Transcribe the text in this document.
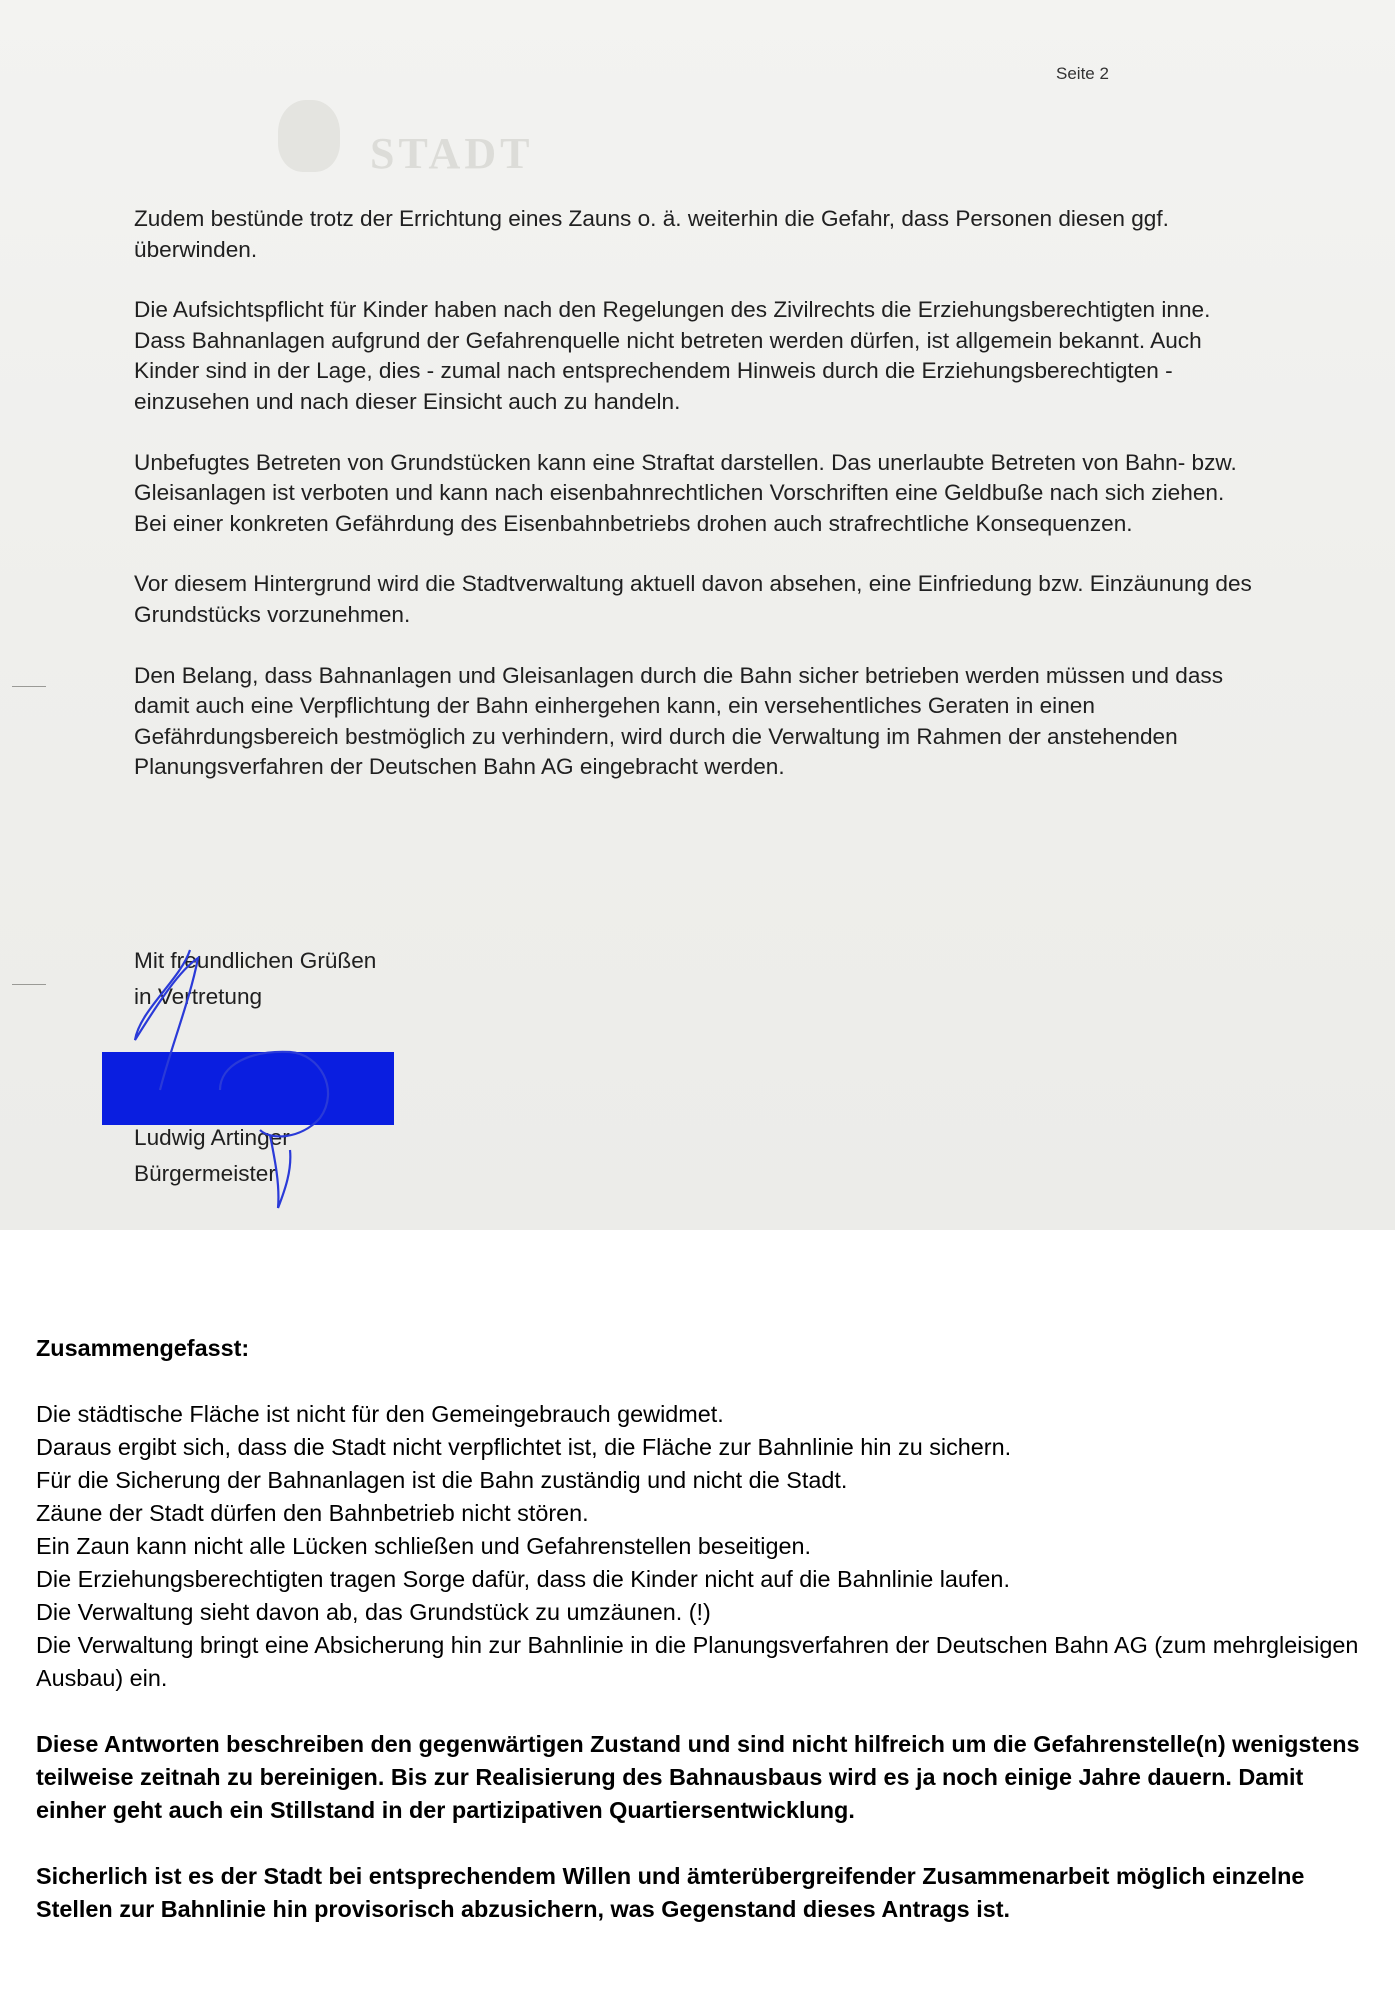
STADT
Seite 2

Zudem bestünde trotz der Errichtung eines Zauns o. ä. weiterhin die Gefahr, dass Personen diesen ggf. überwinden.

Die Aufsichtspflicht für Kinder haben nach den Regelungen des Zivilrechts die Erziehungsberechtigten inne. Dass Bahnanlagen aufgrund der Gefahrenquelle nicht betreten werden dürfen, ist allgemein bekannt. Auch Kinder sind in der Lage, dies - zumal nach entsprechendem Hinweis durch die Erziehungsberechtigten - einzusehen und nach dieser Einsicht auch zu handeln.

Unbefugtes Betreten von Grundstücken kann eine Straftat darstellen. Das unerlaubte Betreten von Bahn- bzw. Gleisanlagen ist verboten und kann nach eisenbahnrechtlichen Vorschriften eine Geldbuße nach sich ziehen. Bei einer konkreten Gefährdung des Eisenbahnbetriebs drohen auch strafrechtliche Konsequenzen.

Vor diesem Hintergrund wird die Stadtverwaltung aktuell davon absehen, eine Einfriedung bzw. Einzäunung des Grundstücks vorzunehmen.

Den Belang, dass Bahnanlagen und Gleisanlagen durch die Bahn sicher betrieben werden müssen und dass damit auch eine Verpflichtung der Bahn einhergehen kann, ein versehentliches Geraten in einen Gefährdungsbereich bestmöglich zu verhindern, wird durch die Verwaltung im Rahmen der anstehenden Planungsverfahren der Deutschen Bahn AG eingebracht werden.

Mit freundlichen Grüßen
in Vertretung
Ludwig Artinger
Bürgermeister
Zusammengefasst:
Die städtische Fläche ist nicht für den Gemeingebrauch gewidmet.
Daraus ergibt sich, dass die Stadt nicht verpflichtet ist, die Fläche zur Bahnlinie hin zu sichern.
Für die Sicherung der Bahnanlagen ist die Bahn zuständig und nicht die Stadt.
Zäune der Stadt dürfen den Bahnbetrieb nicht stören.
Ein Zaun kann nicht alle Lücken schließen und Gefahrenstellen beseitigen.
Die Erziehungsberechtigten tragen Sorge dafür, dass die Kinder nicht auf die Bahnlinie laufen.
Die Verwaltung sieht davon ab, das Grundstück zu umzäunen. (!)
Die Verwaltung bringt eine Absicherung hin zur Bahnlinie in die Planungsverfahren der Deutschen Bahn AG (zum mehrgleisigen Ausbau) ein.
Diese Antworten beschreiben den gegenwärtigen Zustand und sind nicht hilfreich um die Gefahrenstelle(n) wenigstens teilweise zeitnah zu bereinigen. Bis zur Realisierung des Bahnausbaus wird es ja noch einige Jahre dauern. Damit einher geht auch ein Stillstand in der partizipativen Quartiersentwicklung.
Sicherlich ist es der Stadt bei entsprechendem Willen und ämterübergreifender Zusammenarbeit möglich einzelne Stellen zur Bahnlinie hin provisorisch abzusichern, was Gegenstand dieses Antrags ist.
